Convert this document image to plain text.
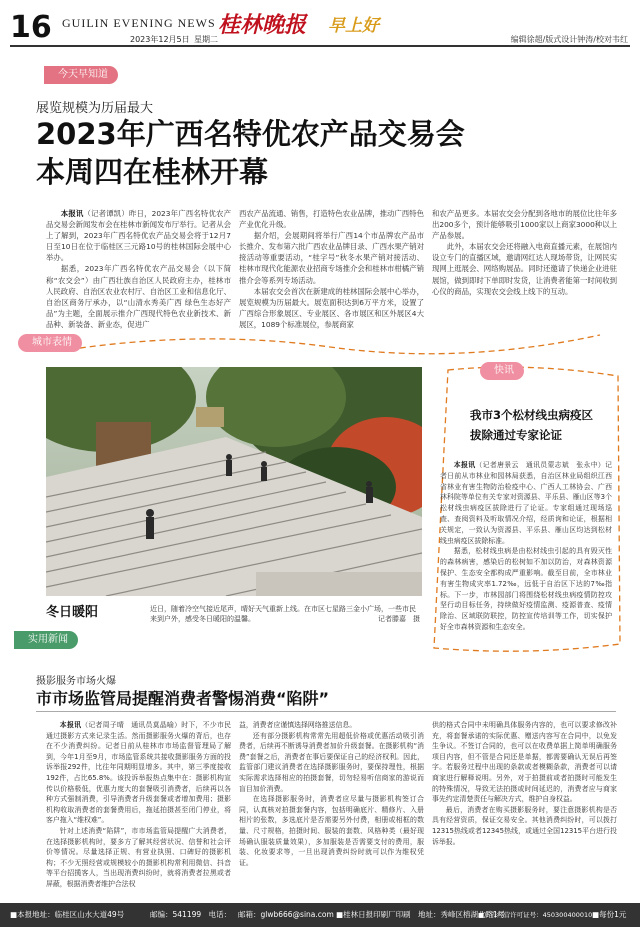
16 GUILIN EVENING NEWS 桂林晚报 早上好
2023年12月5日 星期二	编辑徐超/版式设计钟涛/校对韦红
今天早知道
展览规模为历届最大
2023年广西名特优农产品交易会
本周四在桂林开幕

本报讯（记者谭凯）昨日，2023年广西名特优农产品交易会新闻发布会在桂林市新闻发布厅举行。记者从会上了解到，2023年广西名特优农产品交易会将于12月7日至10日在位于临桂区三元路10号的桂林国际会展中心举办。

据悉，2023年广西名特优农产品交易会（以下简称“农交会”）由广西壮族自治区人民政府主办，桂林市人民政府、自治区农业农村厅、自治区工业和信息化厅、自治区商务厅承办，以“山清水秀美广西 绿色生态好产品”为主题，全面展示推介广西现代特色农业新技术、新品种、新装备、新业态，促进广

西农产品流通、销售，打造特色农业品牌，推动广西特色产业优化升级。

据介绍，会展期间将举行广西14个市品牌农产品市长推介、发布第六批广西农业品牌目录、广西水果产销对接活动等重要活动，“桂字号”秋冬水果产销对接活动、桂林市现代化能源农业招商专场推介会和桂林市柑橘产销推介会等系列专场活动。

本届农交会首次在新建成的桂林国际会展中心举办，展览规模为历届最大。展览面积达到6万平方米，设置了广西综合形象展区、专业展区、各市展区和区外展区4大展区，1089个标准展位，参展商家

和农产品更多。本届农交会分配到各地市的展位比往年多出200多个，预计能够吸引1000家以上商家3000种以上产品参展。

此外，本届农交会还将融入电商直播元素，在展馆内设立专门的直播区域，邀请网红达人现场带货，让网民实现网上逛展会、网络购展品。同时还邀请了快递企业进驻展馆，做到即时下单即时发货，让消费者能第一时间收到心仪的商品，实现农交会线上线下的互动。

城市表情
冬日暖阳	近日，随着冷空气接近尾声，晴好天气重新上线。在市区七星路三金小广场，一些市民来到户外，感受冬日暖阳的温馨。	记者滕嘉　摄
快讯
我市3个松材线虫病疫区
拔除通过专家论证

本报讯（记者唐景云　通讯员蒙志斌　张永中）记者日前从市林业和园林局获悉，自治区林业局组织江西省林业有害生物防治检疫中心、广西人工林协会、广西林科院等单位有关专家对资源县、平乐县、雁山区等3个松材线虫病疫区拔除进行了论证。专家组通过现场巡查、查阅资料及听取情况介绍，经质询和论证，根据相关规定，一致认为资源县、平乐县、雁山区均达到松材线虫病疫区拔除标准。

据悉，松材线虫病是由松材线虫引起的具有毁灭性的森林病害，感染后的松树如不加以防治，对森林资源保护、生态安全都构成严重影响。截至目前，全市林业有害生物成灾率1.72‰，远低于自治区下达的7‰指标。下一步，市林园部门将围绕松材线虫病疫情防控攻坚行动目标任务，持续做好疫情监测、疫源普查、疫情除治、区域联防联控，防控宣传培训等工作，切实保护好全市森林资源和生态安全。

实用新闻
摄影服务市场火爆
市市场监管局提醒消费者警惕消费“陷阱”

本报讯（记者周子晴　通讯员莫晶喻）时下，不少市民通过摄影方式来记录生活。然而摄影服务火爆的背后，也存在不少消费纠纷。记者日前从桂林市市场监督管理局了解到，今年1月至9月，市场监管系统共接收摄影服务方面的投诉举报292件，比往年同期明显增多。其中，第三季度接收192件，占比65.8%。该投诉举报热点集中在：摄影机构宣传以价格极低，优惠力度大的套餐吸引消费者，后续再以各种方式强制消费，引导消费者升级套餐或者增加费用；摄影机构收取消费者的套餐费用后，拖延拍摄甚至闭门停业，将客户拖入“维权难”。

针对上述消费“陷阱”，市市场监管局提醒广大消费者，在选择摄影机构时，要多方了解其经营状况、信誉和社会评价等情况。尽量选择正规、有营业执照、口碑好的摄影机构；不少无照经营或规模较小的摄影机构常利用微信、抖音等平台招揽客人，当出现消费纠纷时，就将消费者拉黑或者屏蔽，根据消费者维护合法权

益，消费者应谨慎选择网络推送信息。

还有部分摄影机构常常先用超低价格或优惠活动吸引消费者，后续再不断诱导消费者加价升级套餐。在摄影机构“消费”套餐之后，消费者在事后要保证自己的经济权利。因此，监管部门建议消费者在选择摄影服务时，要保持理性，根据实际需求选择相应的拍摄套餐，切勿轻易听信商家的游说而盲目加价消费。

在选择摄影服务时，消费者应尽量与摄影机构签订合同，认真核对拍摄套餐内容，包括明确底片、精修片、入册相片的张数，多选底片是否需要另外付费，相册或相框的数量、尺寸规格，拍摄时间、服装的套数、风格种类（最好现场确认服装质量效果），多加服装是否需要支付的费用，服装、化妆要求等，一旦出现消费纠纷时就可以作为维权凭证。

供的格式合同中未明确具体服务内容的，也可以要求修改补充，将套餐承诺的实际优惠、赠送内容写在合同中，以免发生争议。不签订合同的，也可以在收费单据上简单明确服务项目内容，但不管是合同还是单据，都需要确认无误后再签字。若服务过程中出现的条款或者模糊条款，消费者可以请商家进行解释说明。另外，对于拍摄前或者拍摄时可能发生的特殊情况，导致无法拍摄或时间延迟的，消费者应与商家事先约定清楚责任与解决方式，维护自身权益。

最后，消费者在购买摄影服务时，要注意摄影机构是否具有经营资质，保证交易安全。其他消费纠纷时，可以拨打12315热线或者12345热线，或通过全国12315平台进行投诉举报。

■本报地址：临桂区山水大道49号	邮编：541199　电话： 邮箱：glwb666@sina.com ■桂林日报印刷厂印刷 地址：秀峰区榕湖北路1号
■广告经营许可证号：4503004000101
■每份1元
